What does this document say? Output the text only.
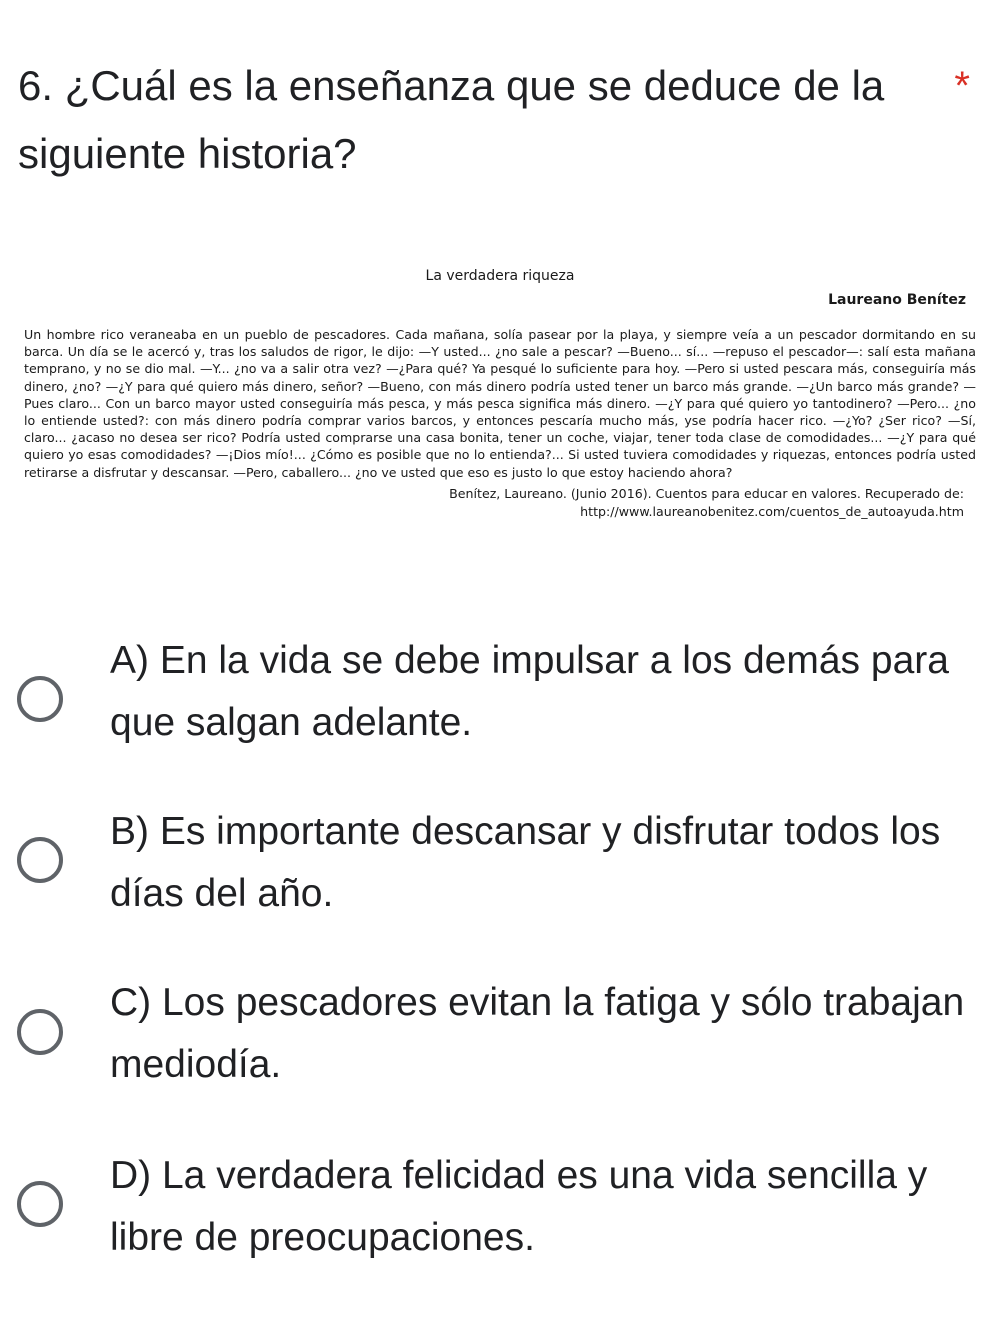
6. ¿Cuál es la enseñanza que se deduce de la siguiente historia?
*

La verdadera riqueza

Laureano Benítez

Un hombre rico veraneaba en un pueblo de pescadores. Cada mañana, solía pasear por la playa, y siempre veía a un pescador dormitando en su barca. Un día se le acercó y, tras los saludos de rigor, le dijo: —Y usted... ¿no sale a pescar? —Bueno... sí... —repuso el pescador—: salí esta mañana temprano, y no se dio mal. —Y... ¿no va a salir otra vez? —¿Para qué? Ya pesqué lo suficiente para hoy. —Pero si usted pescara más, conseguiría más dinero, ¿no? —¿Y para qué quiero más dinero, señor? —Bueno, con más dinero podría usted tener un barco más grande. —¿Un barco más grande? —Pues claro... Con un barco mayor usted conseguiría más pesca, y más pesca significa más dinero. —¿Y para qué quiero yo tantodinero? —Pero... ¿no lo entiende usted?: con más dinero podría comprar varios barcos, y entonces pescaría mucho más, yse podría hacer rico. —¿Yo? ¿Ser rico? —Sí, claro... ¿acaso no desea ser rico? Podría usted comprarse una casa bonita, tener un coche, viajar, tener toda clase de comodidades... —¿Y para qué quiero yo esas comodidades? —¡Dios mío!... ¿Cómo es posible que no lo entienda?... Si usted tuviera comodidades y riquezas, entonces podría usted retirarse a disfrutar y descansar. —Pero, caballero... ¿no ve usted que eso es justo lo que estoy haciendo ahora?

Benítez, Laureano. (Junio 2016). Cuentos para educar en valores. Recuperado de:
http://www.laureanobenitez.com/cuentos_de_autoayuda.htm

A) En la vida se debe impulsar a los demás para que salgan adelante.
B) Es importante descansar y disfrutar todos los días del año.
C) Los pescadores evitan la fatiga y sólo trabajan mediodía.
D) La verdadera felicidad es una vida sencilla y libre de preocupaciones.
